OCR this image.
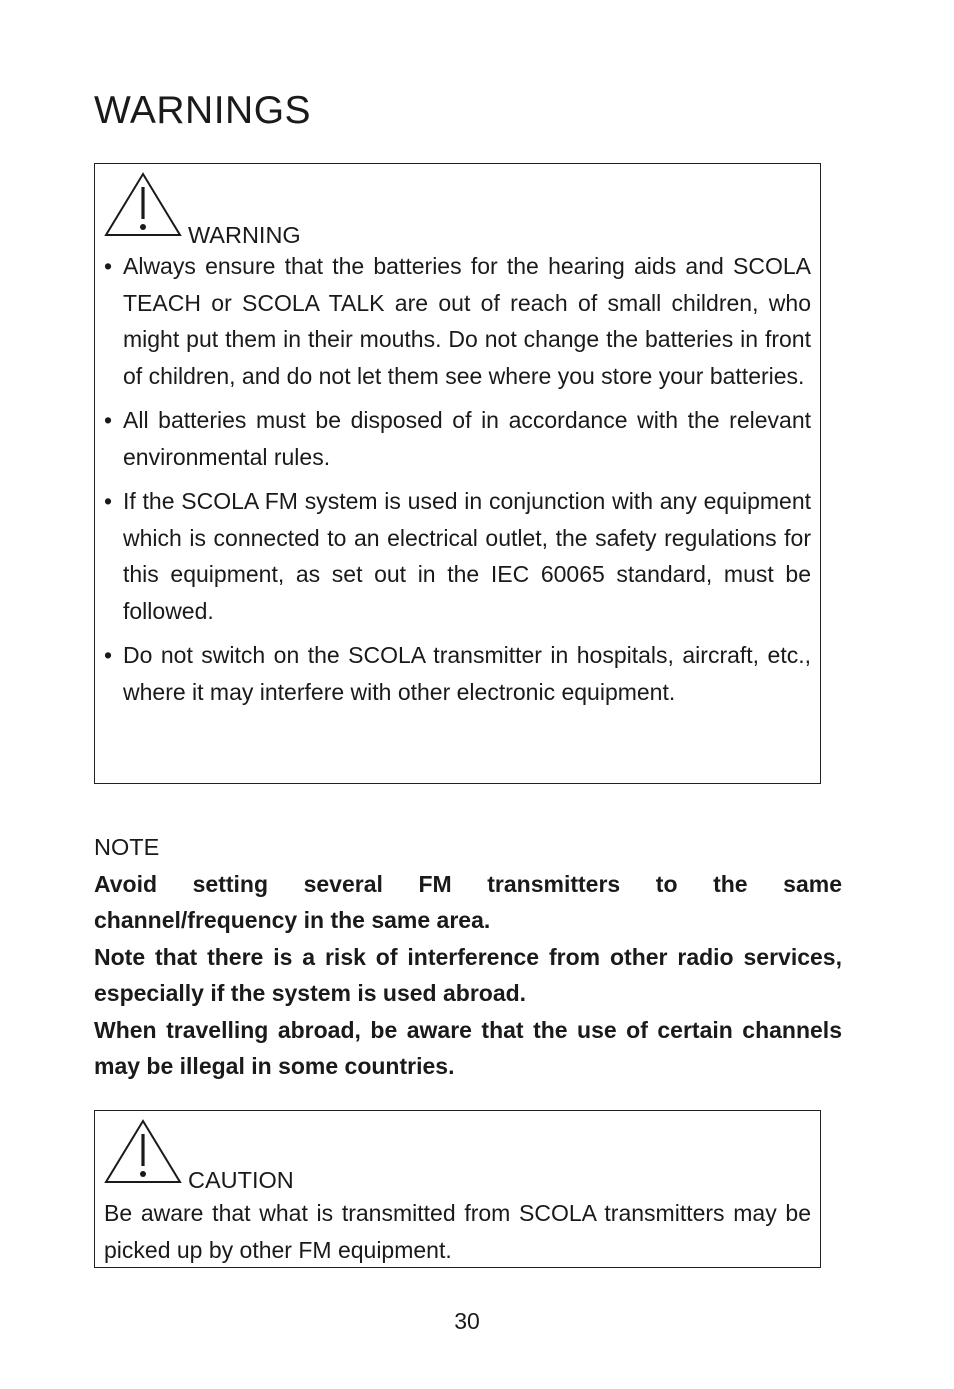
WARNINGS
WARNING
• Always ensure that the batteries for the hearing aids and SCOLA TEACH or SCOLA TALK are out of reach of small children, who might put them in their mouths. Do not change the batteries in front of children, and do not let them see where you store your batteries.
• All batteries must be disposed of in accordance with the relevant environmental rules.
• If the SCOLA FM system is used in conjunction with any equipment which is connected to an electrical outlet, the safety regulations for this equipment, as set out in the IEC 60065 standard, must be followed.
• Do not switch on the SCOLA transmitter in hospitals, aircraft, etc., where it may interfere with other electronic equipment.
NOTE

Avoid setting several FM transmitters to the same channel/frequency in the same area.

Note that there is a risk of interference from other radio services, especially if the system is used abroad.

When travelling abroad, be aware that the use of certain channels may be illegal in some countries.

CAUTION

Be aware that what is transmitted from SCOLA transmitters may be picked up by other FM equipment.

30
